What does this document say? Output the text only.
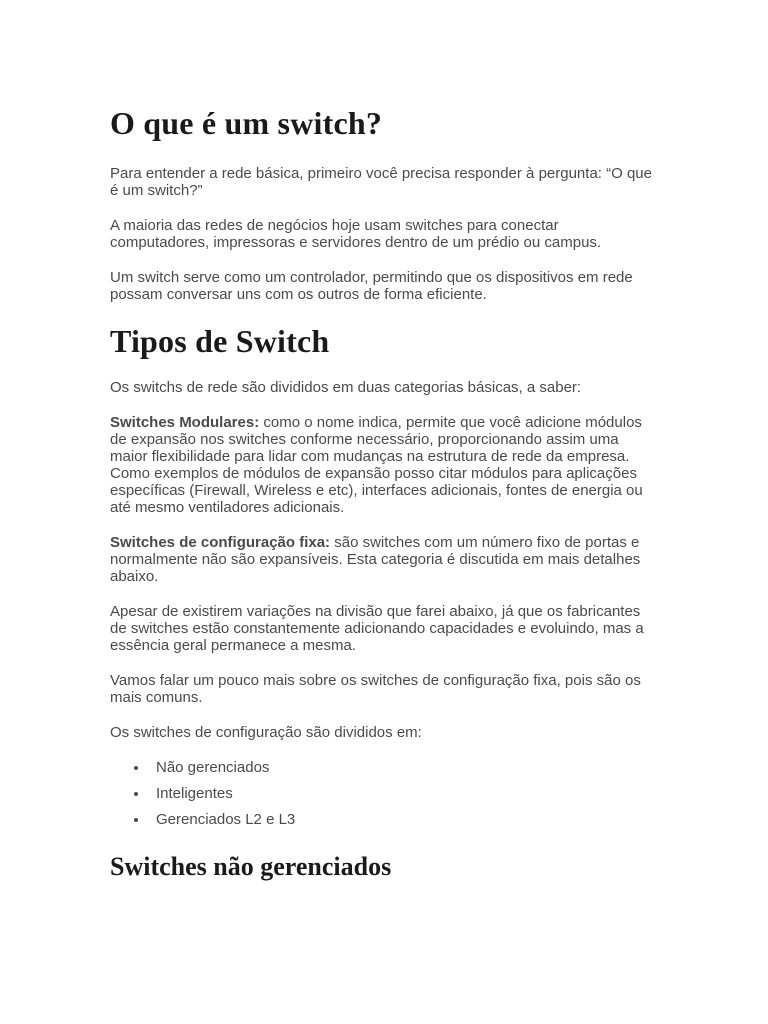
O que é um switch?

Para entender a rede básica, primeiro você precisa responder à pergunta: “O que é um switch?”

A maioria das redes de negócios hoje usam switches para conectar computadores, impressoras e servidores dentro de um prédio ou campus.

Um switch serve como um controlador, permitindo que os dispositivos em rede possam conversar uns com os outros de forma eficiente.

Tipos de Switch

Os switchs de rede são divididos em duas categorias básicas, a saber:

Switches Modulares: como o nome indica, permite que você adicione módulos de expansão nos switches conforme necessário, proporcionando assim uma maior flexibilidade para lidar com mudanças na estrutura de rede da empresa. Como exemplos de módulos de expansão posso citar módulos para aplicações específicas (Firewall, Wireless e etc), interfaces adicionais, fontes de energia ou até mesmo ventiladores adicionais.

Switches de configuração fixa: são switches com um número fixo de portas e normalmente não são expansíveis. Esta categoria é discutida em mais detalhes abaixo.

Apesar de existirem variações na divisão que farei abaixo, já que os fabricantes de switches estão constantemente adicionando capacidades e evoluindo, mas a essência geral permanece a mesma.

Vamos falar um pouco mais sobre os switches de configuração fixa, pois são os mais comuns.

Os switches de configuração são divididos em:

Não gerenciados
Inteligentes
Gerenciados L2 e L3
Switches não gerenciados
